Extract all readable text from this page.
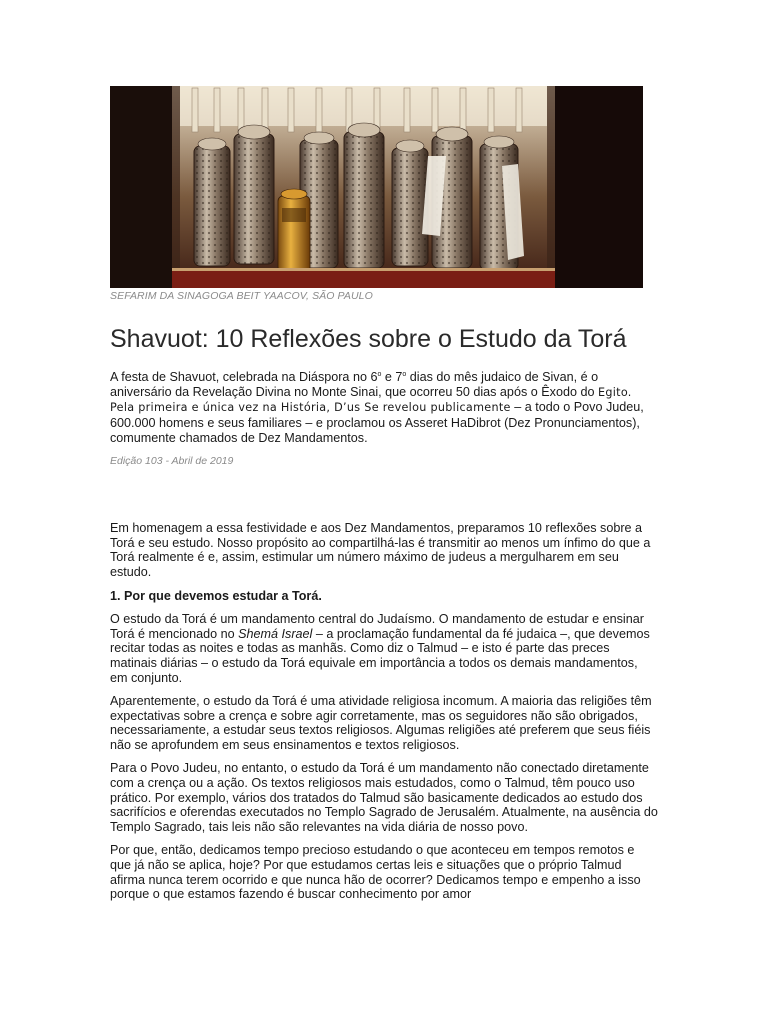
SEFARIM DA SINAGOGA BEIT YAACOV, SÃO PAULO
Shavuot: 10 Reflexões sobre o Estudo da Torá

A festa de Shavuot, celebrada na Diáspora no 6$^o$ e 7$^o$ dias do mês judaico de Sivan, é o aniversário da Revelação Divina no Monte Sinai, que ocorreu 50 dias após o Êxodo do Egito. Pela primeira e única vez na História, D’us Se revelou publicamente – a todo o Povo Judeu, 600.000 homens e seus familiares – e proclamou os Asseret HaDibrot (Dez Pronunciamentos), comumente chamados de Dez Mandamentos.

Edição 103 - Abril de 2019

Em homenagem a essa festividade e aos Dez Mandamentos, preparamos 10 reflexões sobre a Torá e seu estudo. Nosso propósito ao compartilhá-las é transmitir ao menos um ínfimo do que a Torá realmente é e, assim, estimular um número máximo de judeus a mergulharem em seu estudo.

1. Por que devemos estudar a Torá.

O estudo da Torá é um mandamento central do Judaísmo. O mandamento de estudar e ensinar Torá é mencionado no Shemá Israel – a proclamação fundamental da fé judaica –, que devemos recitar todas as noites e todas as manhãs. Como diz o Talmud – e isto é parte das preces matinais diárias – o estudo da Torá equivale em importância a todos os demais mandamentos, em conjunto.

Aparentemente, o estudo da Torá é uma atividade religiosa incomum. A maioria das religiões têm expectativas sobre a crença e sobre agir corretamente, mas os seguidores não são obrigados, necessariamente, a estudar seus textos religiosos. Algumas religiões até preferem que seus fiéis não se aprofundem em seus ensinamentos e textos religiosos.

Para o Povo Judeu, no entanto, o estudo da Torá é um mandamento não conectado diretamente com a crença ou a ação. Os textos religiosos mais estudados, como o Talmud, têm pouco uso prático. Por exemplo, vários dos tratados do Talmud são basicamente dedicados ao estudo dos sacrifícios e oferendas executados no Templo Sagrado de Jerusalém. Atualmente, na ausência do Templo Sagrado, tais leis não são relevantes na vida diária de nosso povo.

Por que, então, dedicamos tempo precioso estudando o que aconteceu em tempos remotos e que já não se aplica, hoje? Por que estudamos certas leis e situações que o próprio Talmud afirma nunca terem ocorrido e que nunca hão de ocorrer? Dedicamos tempo e empenho a isso porque o que estamos fazendo é buscar conhecimento por amor
